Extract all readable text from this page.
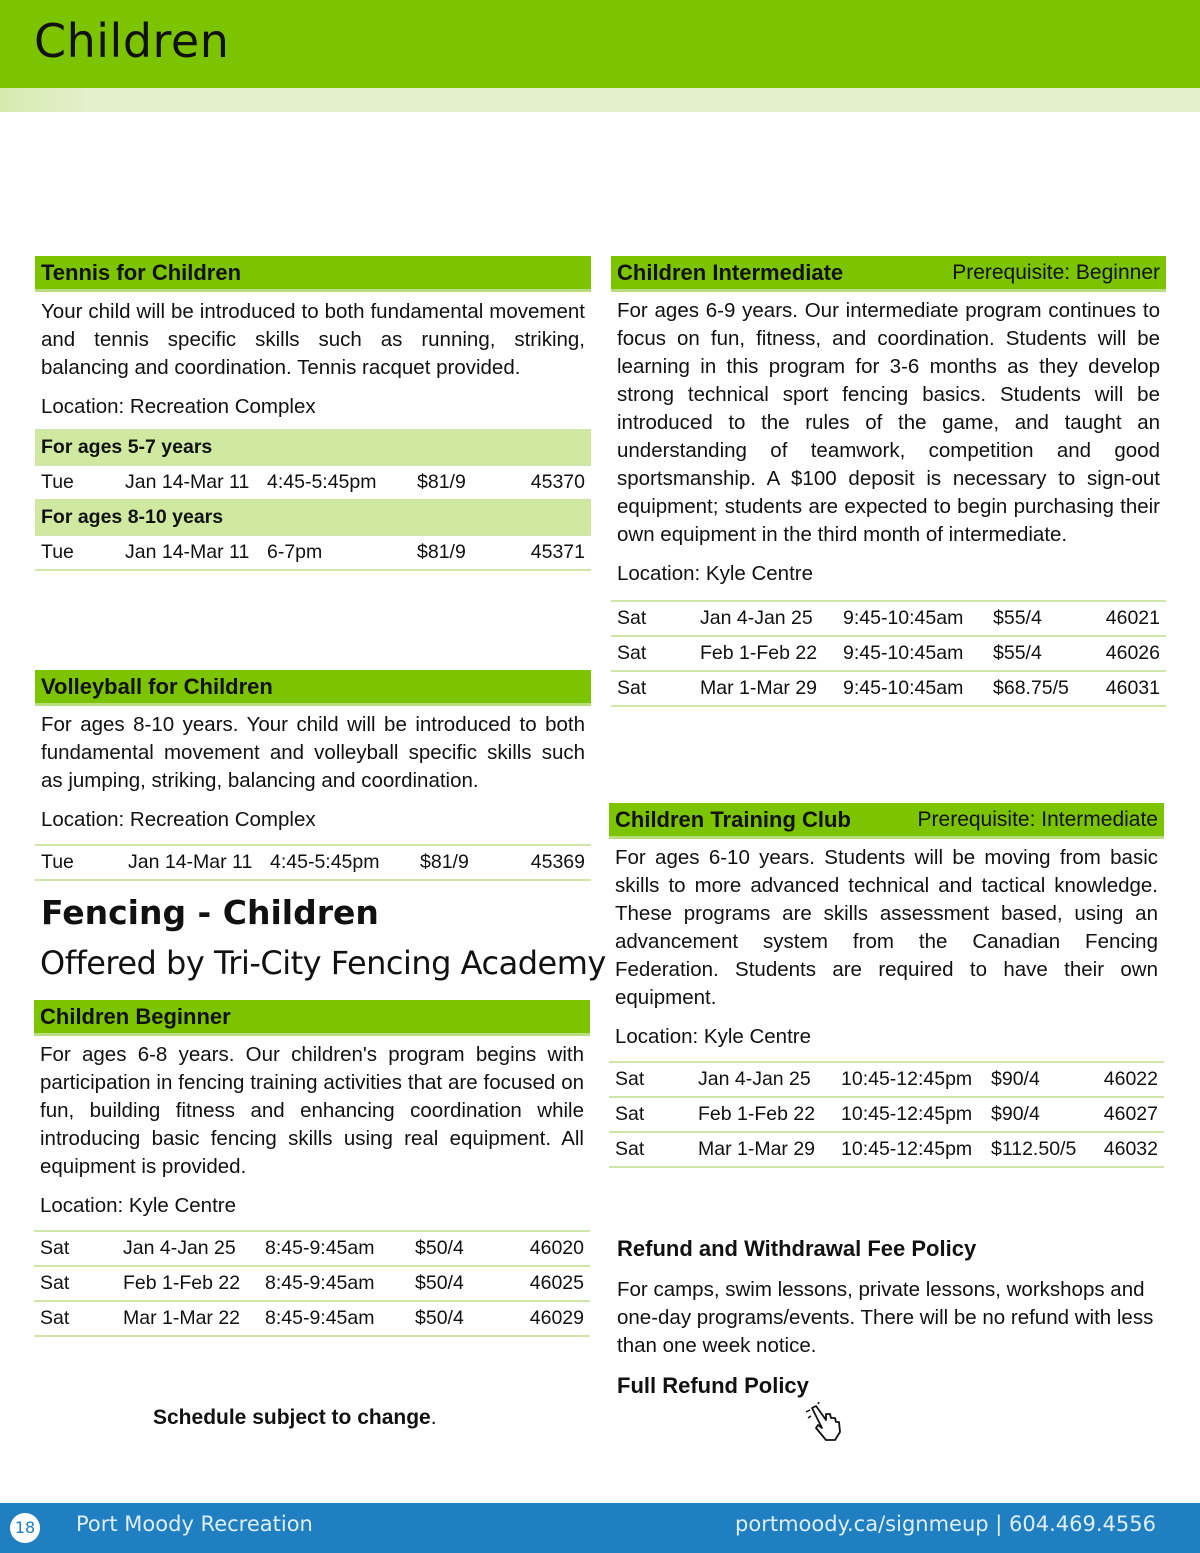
Children
Tennis for Children
Your child will be introduced to both fundamental movement and tennis specific skills such as running, striking, balancing and coordination. Tennis racquet provided.
Location: Recreation Complex
For ages 5-7 years				
Tue	Jan 14-Mar 11	4:45-5:45pm	$81/9	45370
For ages 8-10 years				
Tue	Jan 14-Mar 11	6-7pm	$81/9	45371
Volleyball for Children
For ages 8-10 years. Your child will be introduced to both fundamental movement and volleyball specific skills such as jumping, striking, balancing and coordination.
Location: Recreation Complex
Tue	Jan 14-Mar 11	4:45-5:45pm	$81/9	45369
Fencing - Children
Offered by Tri-City Fencing Academy
Children Beginner
For ages 6-8 years. Our children's program begins with participation in fencing training activities that are focused on fun, building fitness and enhancing coordination while introducing basic fencing skills using real equipment. All equipment is provided.
Location: Kyle Centre
Sat	Jan 4-Jan 25	8:45-9:45am	$50/4	46020
Sat	Feb 1-Feb 22	8:45-9:45am	$50/4	46025
Sat	Mar 1-Mar 22	8:45-9:45am	$50/4	46029
Schedule subject to change.
Children Intermediate	Prerequisite: Beginner
For ages 6-9 years. Our intermediate program continues to focus on fun, fitness, and coordination. Students will be learning in this program for 3-6 months as they develop strong technical sport fencing basics. Students will be introduced to the rules of the game, and taught an understanding of teamwork, competition and good sportsmanship. A $100 deposit is necessary to sign-out equipment; students are expected to begin purchasing their own equipment in the third month of intermediate.
Location: Kyle Centre
Sat	Jan 4-Jan 25	9:45-10:45am	$55/4	46021
Sat	Feb 1-Feb 22	9:45-10:45am	$55/4	46026
Sat	Mar 1-Mar 29	9:45-10:45am	$68.75/5	46031
Children Training Club	Prerequisite: Intermediate
For ages 6-10 years. Students will be moving from basic skills to more advanced technical and tactical knowledge. These programs are skills assessment based, using an advancement system from the Canadian Fencing Federation. Students are required to have their own equipment.
Location: Kyle Centre
Sat	Jan 4-Jan 25	10:45-12:45pm	$90/4	46022
Sat	Feb 1-Feb 22	10:45-12:45pm	$90/4	46027
Sat	Mar 1-Mar 29	10:45-12:45pm	$112.50/5	46032
Refund and Withdrawal Fee Policy
For camps, swim lessons, private lessons, workshops and one-day programs/events. There will be no refund with less than one week notice.
Full Refund Policy
18 Port Moody Recreation	portmoody.ca/signmeup | 604.469.4556
